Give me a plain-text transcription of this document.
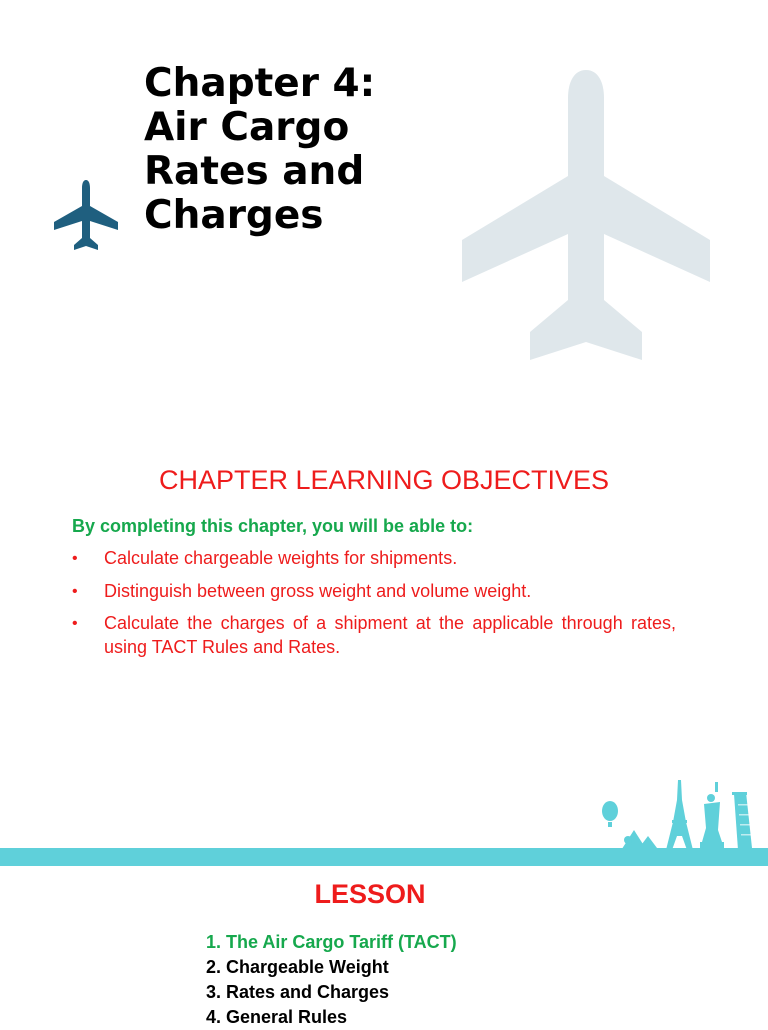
Chapter 4:
Air Cargo
Rates and
Charges
CHAPTER LEARNING OBJECTIVES
By completing this chapter, you will be able to:
• Calculate chargeable weights for shipments.
• Distinguish between gross weight and volume weight.
• Calculate the charges of a shipment at the applicable through rates, using TACT Rules and Rates.
LESSON
1. The Air Cargo Tariff (TACT)
2. Chargeable Weight
3. Rates and Charges
4. General Rules
